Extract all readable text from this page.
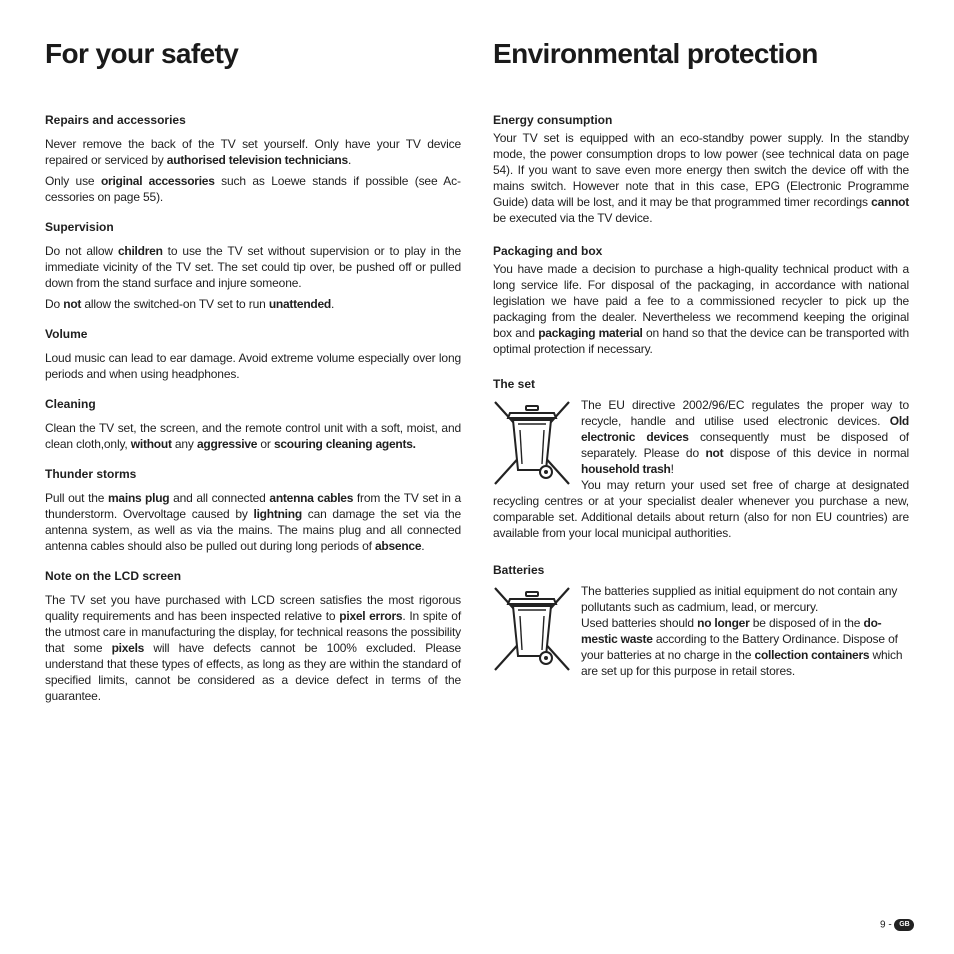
For your safety
Repairs and accessories

Never remove the back of the TV set yourself. Only have your TV device repaired or serviced by authorised television technicians.

Only use original accessories such as Loewe stands if possible (see Accessories on page 55).

Supervision

Do not allow children to use the TV set without supervision or to play in the immediate vicinity of the TV set. The set could tip over, be pushed off or pulled down from the stand surface and injure someone.

Do not allow the switched-on TV set to run unattended.

Volume

Loud music can lead to ear damage. Avoid extreme volume especially over long periods and when using headphones.

Cleaning

Clean the TV set, the screen, and the remote control unit with a soft, moist, and clean cloth,only, without any aggressive or scouring cleaning agents.

Thunder storms

Pull out the mains plug and all connected antenna cables from the TV set in a thunderstorm. Overvoltage caused by lightning can damage the set via the antenna system, as well as via the mains. The mains plug and all connected antenna cables should also be pulled out during long periods of absence.

Note on the LCD screen

The TV set you have purchased with LCD screen satisfies the most rigorous quality requirements and has been inspected relative to pixel errors. In spite of the utmost care in manufacturing the display, for technical reasons the possibility that some pixels will have defects cannot be 100% excluded. Please understand that these types of effects, as long as they are within the standard of specified limits, cannot be considered as a device defect in terms of the guarantee.

Environmental protection
Energy consumption

Your TV set is equipped with an eco-standby power supply. In the standby mode, the power consumption drops to low power (see technical data on page 54). If you want to save even more energy then switch the device off with the mains switch. However note that in this case, EPG (Electronic Programme Guide) data will be lost, and it may be that programmed timer recordings cannot be executed via the TV device.

Packaging and box

You have made a decision to purchase a high-quality technical product with a long service life. For disposal of the packaging, in accordance with national legislation we have paid a fee to a commissioned recycler to pick up the packaging from the dealer. Nevertheless we recommend keeping the original box and packaging material on hand so that the device can be transported with optimal protection if necessary.

The set

The EU directive 2002/96/EC regulates the proper way to recycle, handle and utilise used electronic devices. Old electronic devices consequently must be disposed of separately. Please do not dispose of this device in normal household trash!

You may return your used set free of charge at designated recycling centres or at your specialist dealer whenever you purchase a new, comparable set. Additional details about return (also for non EU countries) are available from your local municipal authorities.

Batteries

The batteries supplied as initial equipment do not contain any pollutants such as cadmium, lead, or mercury.
Used batteries should no longer be disposed of in the domestic waste according to the Battery Ordinance. Dispose of your batteries at no charge in the collection containers which are set up for this purpose in retail stores.

9 - GB
